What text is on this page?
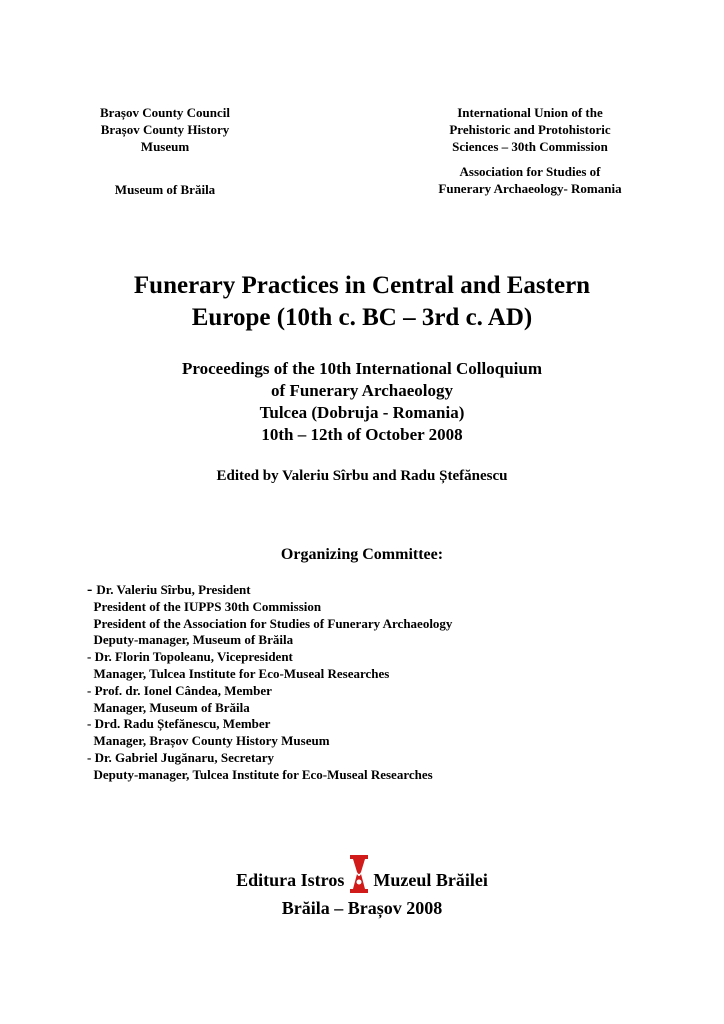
Brașov County Council
Brașov County History
Museum
Museum of Brăila
International Union of the
Prehistoric and Protohistoric
Sciences – 30th Commission
Association for Studies of
Funerary Archaeology- Romania
Funerary Practices in Central and Eastern
Europe (10th c. BC – 3rd c. AD)
Proceedings of the 10th International Colloquium
of Funerary Archaeology
Tulcea (Dobruja - Romania)
10th – 12th of October 2008
Edited by Valeriu Sîrbu and Radu Ștefănescu
Organizing Committee:
- Dr. Valeriu Sîrbu, President
President of the IUPPS 30th Commission
President of the Association for Studies of Funerary Archaeology
Deputy-manager, Museum of Brăila
- Dr. Florin Topoleanu, Vicepresident
Manager, Tulcea Institute for Eco-Museal Researches
- Prof. dr. Ionel Cândea, Member
Manager, Museum of Brăila
- Drd. Radu Ștefănescu, Member
Manager, Brașov County History Museum
- Dr. Gabriel Jugănaru, Secretary
Deputy-manager, Tulcea Institute for Eco-Museal Researches
Editura Istros Muzeul Brăilei
Brăila – Brașov 2008
